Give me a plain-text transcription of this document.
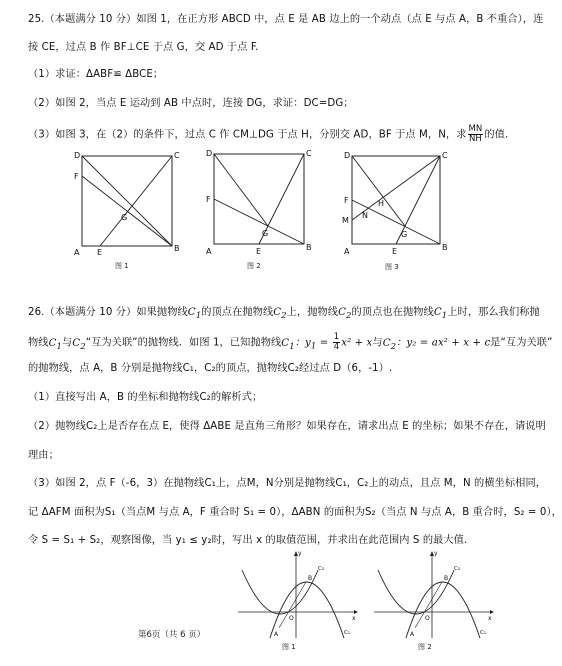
25.（本题满分 10 分）如图 1，在正方形 ABCD 中，点 E 是 AB 边上的一个动点（点 E 与点 A，B 不重合），连
接 CE，过点 B 作 BF⊥CE 于点 G，交 AD 于点 F.
（1）求证：ΔABF≌ ΔBCE；
（2）如图 2，当点 E 运动到 AB 中点时，连接 DG，求证：DC=DG；
（3）如图 3，在（2）的条件下，过点 C 作 CM⊥DG 于点 H，分别交 AD，BF 于点 M，N，求 $\frac{MN}{NH}$ 的值.
D	C
F
G
A E	B
图 1
D	C
F
G
A	E	B
图 2
D	C
F	H
N
M
G
A	E	B
图 3
26.（本题满分 10 分）如果抛物线$C_1$的顶点在抛物线$C_2$上，抛物线$C_2$的顶点也在抛物线$C_1$上时，那么我们称抛
物线$C_1$与$C_2“$互为关联”的抛物线．如图 1，已知抛物线$C_1$：$y_1 = \frac{1}{4} x^2 + x$与$C_2$：y₂ = ax² + x + c是“互为关联”
的抛物线，点 A，B 分别是抛物线C₁，C₂的顶点，抛物线C₂经过点 D（6，-1）.
（1）直接写出 A，B 的坐标和抛物线C₂的解析式；
（2）抛物线C₂上是否存在点 E，使得 ΔABE 是直角三角形？如果存在，请求出点 E 的坐标；如果不存在，请说明
理由；
（3）如图 2，点 F（-6，3）在抛物线C₁上，点M，N分别是抛物线C₁，C₂上的动点，且点 M，N 的横坐标相同，
记 ΔAFM 面积为S₁（当点M 与点 A，F 重合时 S₁ = 0），ΔABN 的面积为S₂（当点 N 与点 A，B 重合时，S₂ = 0），
令 S = S₁ + S₂，观察图像，当 y₁ ≤ y₂时，写出 x 的取值范围，并求出在此范围内 S 的最大值.
y
x
O
A
B
C₂
C₁
图 1
y
x
O
A
B
C₂
C₁
图 2
第6页（共 6 页）
